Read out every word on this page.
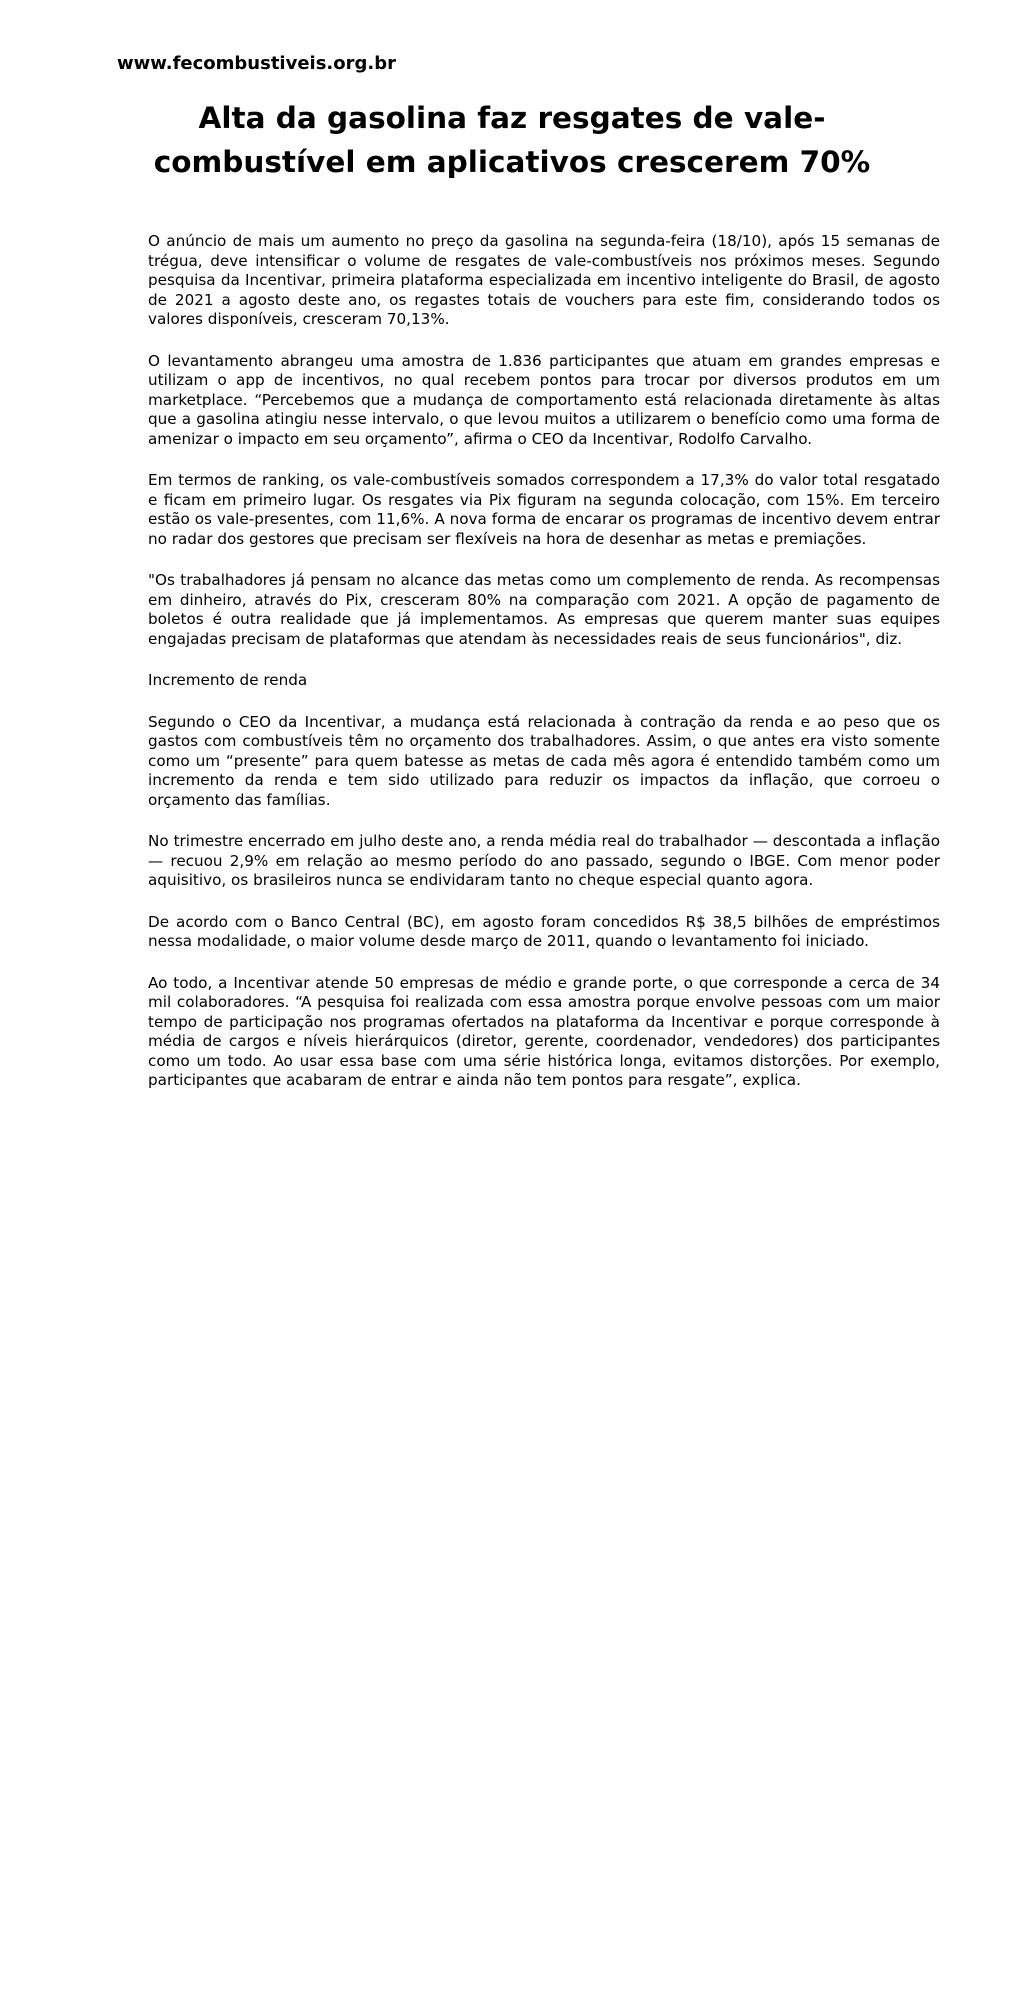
www.fecombustiveis.org.br
Alta da gasolina faz resgates de vale-combustível em aplicativos crescerem 70%

O anúncio de mais um aumento no preço da gasolina na segunda-feira (18/10), após 15 semanas de trégua, deve intensificar o volume de resgates de vale-combustíveis nos próximos meses. Segundo pesquisa da Incentivar, primeira plataforma especializada em incentivo inteligente do Brasil, de agosto de 2021 a agosto deste ano, os regastes totais de vouchers para este fim, considerando todos os valores disponíveis, cresceram 70,13%.

O levantamento abrangeu uma amostra de 1.836 participantes que atuam em grandes empresas e utilizam o app de incentivos, no qual recebem pontos para trocar por diversos produtos em um marketplace. “Percebemos que a mudança de comportamento está relacionada diretamente às altas que a gasolina atingiu nesse intervalo, o que levou muitos a utilizarem o benefício como uma forma de amenizar o impacto em seu orçamento”, afirma o CEO da Incentivar, Rodolfo Carvalho.

Em termos de ranking, os vale-combustíveis somados correspondem a 17,3% do valor total resgatado e ficam em primeiro lugar. Os resgates via Pix figuram na segunda colocação, com 15%. Em terceiro estão os vale-presentes, com 11,6%. A nova forma de encarar os programas de incentivo devem entrar no radar dos gestores que precisam ser flexíveis na hora de desenhar as metas e premiações.

"Os trabalhadores já pensam no alcance das metas como um complemento de renda. As recompensas em dinheiro, através do Pix, cresceram 80% na comparação com 2021. A opção de pagamento de boletos é outra realidade que já implementamos. As empresas que querem manter suas equipes engajadas precisam de plataformas que atendam às necessidades reais de seus funcionários", diz.

Incremento de renda

Segundo o CEO da Incentivar, a mudança está relacionada à contração da renda e ao peso que os gastos com combustíveis têm no orçamento dos trabalhadores. Assim, o que antes era visto somente como um “presente” para quem batesse as metas de cada mês agora é entendido também como um incremento da renda e tem sido utilizado para reduzir os impactos da inflação, que corroeu o orçamento das famílias.

No trimestre encerrado em julho deste ano, a renda média real do trabalhador — descontada a inflação — recuou 2,9% em relação ao mesmo período do ano passado, segundo o IBGE. Com menor poder aquisitivo, os brasileiros nunca se endividaram tanto no cheque especial quanto agora.

De acordo com o Banco Central (BC), em agosto foram concedidos R$ 38,5 bilhões de empréstimos nessa modalidade, o maior volume desde março de 2011, quando o levantamento foi iniciado.

Ao todo, a Incentivar atende 50 empresas de médio e grande porte, o que corresponde a cerca de 34 mil colaboradores. “A pesquisa foi realizada com essa amostra porque envolve pessoas com um maior tempo de participação nos programas ofertados na plataforma da Incentivar e porque corresponde à média de cargos e níveis hierárquicos (diretor, gerente, coordenador, vendedores) dos participantes como um todo. Ao usar essa base com uma série histórica longa, evitamos distorções. Por exemplo, participantes que acabaram de entrar e ainda não tem pontos para resgate”, explica.
